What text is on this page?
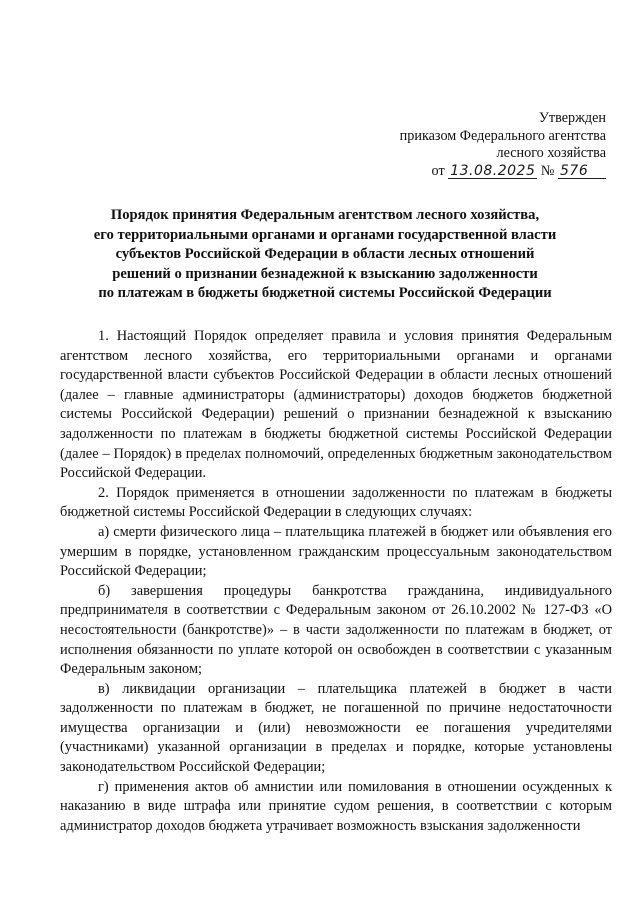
Утвержден
приказом Федерального агентства
лесного хозяйства
от 13.08.2025 № 576
Порядок принятия Федеральным агентством лесного хозяйства,
его территориальными органами и органами государственной власти
субъектов Российской Федерации в области лесных отношений
решений о признании безнадежной к взысканию задолженности
по платежам в бюджеты бюджетной системы Российской Федерации

1. Настоящий Порядок определяет правила и условия принятия Федеральным агентством лесного хозяйства, его территориальными органами и органами государственной власти субъектов Российской Федерации в области лесных отношений (далее – главные администраторы (администраторы) доходов бюджетов бюджетной системы Российской Федерации) решений о признании безнадежной к взысканию задолженности по платежам в бюджеты бюджетной системы Российской Федерации (далее – Порядок) в пределах полномочий, определенных бюджетным законодательством Российской Федерации.

2. Порядок применяется в отношении задолженности по платежам в бюджеты бюджетной системы Российской Федерации в следующих случаях:

а) смерти физического лица – плательщика платежей в бюджет или объявления его умершим в порядке, установленном гражданским процессуальным законодательством Российской Федерации;

б) завершения процедуры банкротства гражданина, индивидуального предпринимателя в соответствии с Федеральным законом от 26.10.2002 № 127-ФЗ «О несостоятельности (банкротстве)» – в части задолженности по платежам в бюджет, от исполнения обязанности по уплате которой он освобожден в соответствии с указанным Федеральным законом;

в) ликвидации организации – плательщика платежей в бюджет в части задолженности по платежам в бюджет, не погашенной по причине недостаточности имущества организации и (или) невозможности ее погашения учредителями (участниками) указанной организации в пределах и порядке, которые установлены законодательством Российской Федерации;

г) применения актов об амнистии или помилования в отношении осужденных к наказанию в виде штрафа или принятие судом решения, в соответствии с которым администратор доходов бюджета утрачивает возможность взыскания задолженности
